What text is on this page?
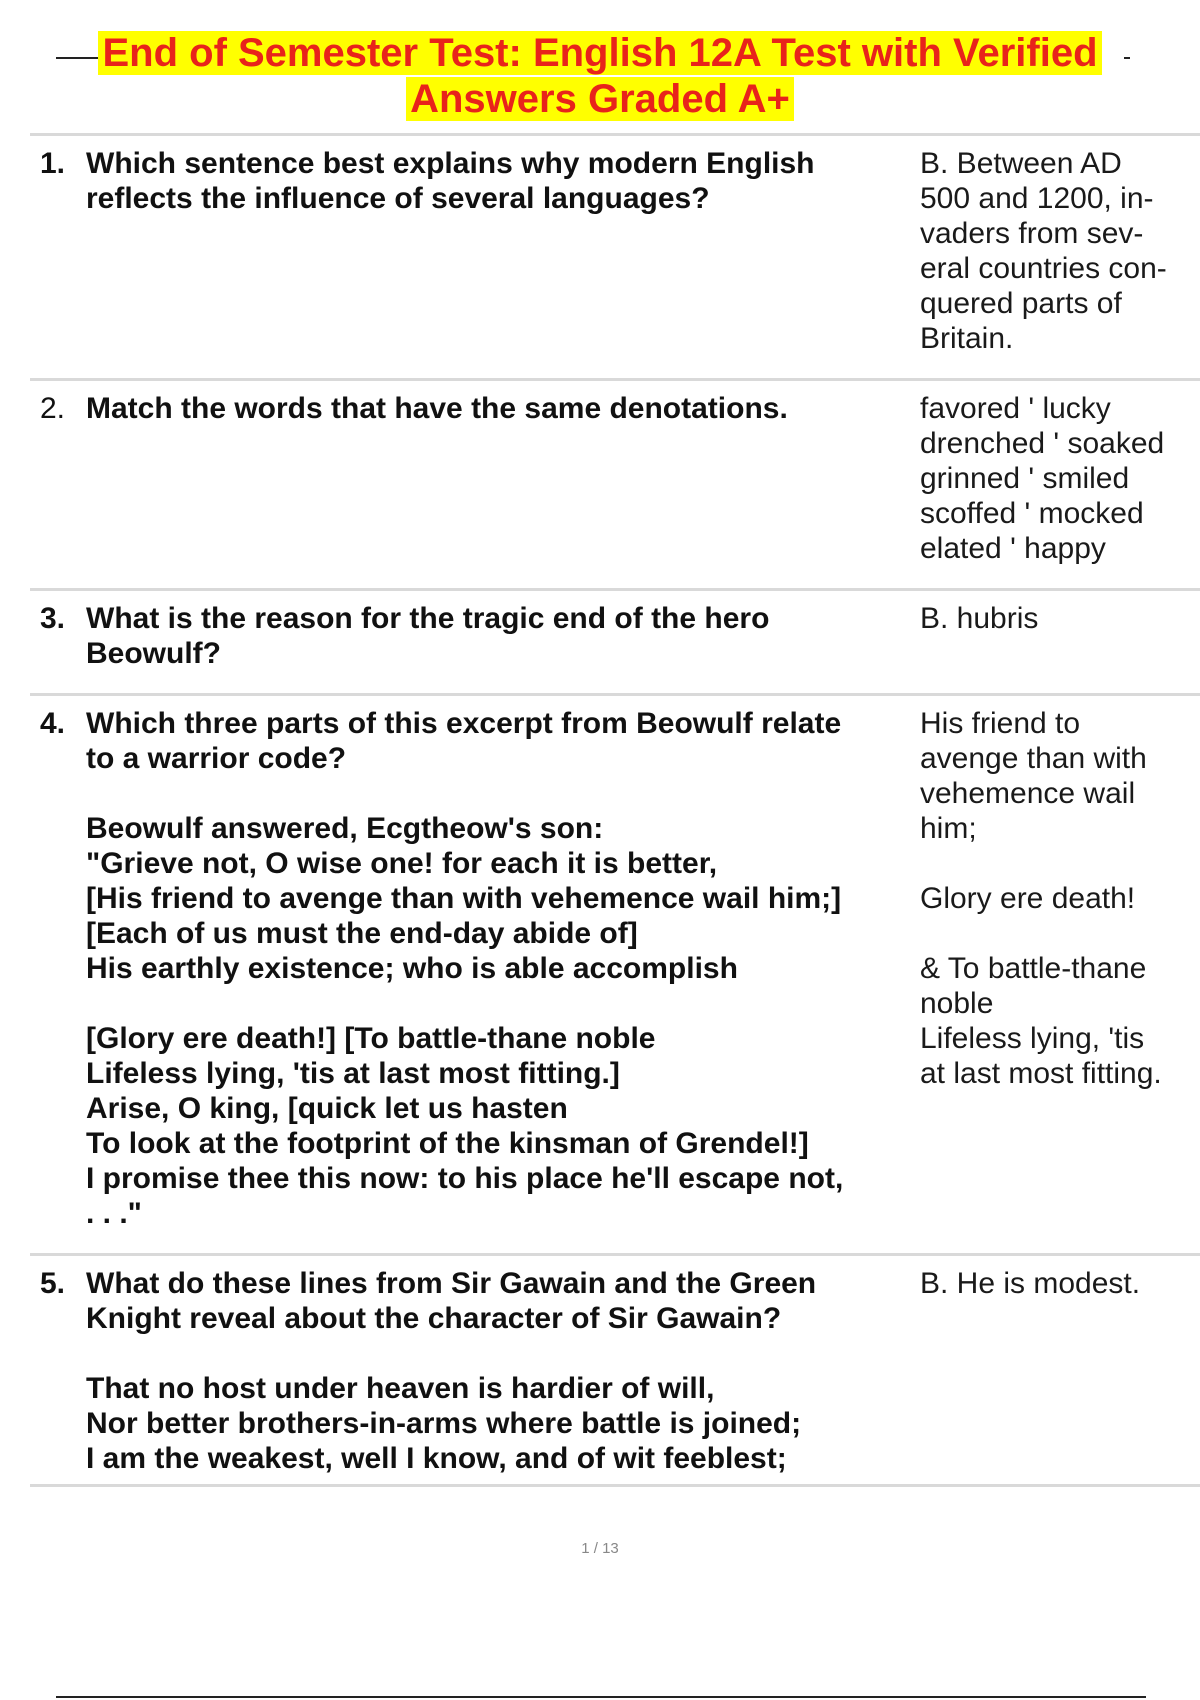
End of Semester Test: English 12A Test with Verified
Answers Graded A+
1. Which sentence best explains why modern English
reflects the influence of several languages?
B. Between AD
500 and 1200, in-
vaders from sev-
eral countries con-
quered parts of
Britain.
2. Match the words that have the same denotations.	favored ' lucky
drenched ' soaked
grinned ' smiled
scoffed ' mocked
elated ' happy
3. What is the reason for the tragic end of the hero
Beowulf?
B. hubris
4. Which three parts of this excerpt from Beowulf relate
to a warrior code?
Beowulf answered, Ecgtheow's son:
"Grieve not, O wise one! for each it is better,
[His friend to avenge than with vehemence wail him;]
[Each of us must the end-day abide of]
His earthly existence; who is able accomplish
[Glory ere death!] [To battle-thane noble
Lifeless lying, 'tis at last most fitting.]
Arise, O king, [quick let us hasten
To look at the footprint of the kinsman of Grendel!]
I promise thee this now: to his place he'll escape not,
. . ."
His friend to
avenge than with
vehemence wail
him;
Glory ere death!
& To battle-thane
noble
Lifeless lying, 'tis
at last most fitting.
5. What do these lines from Sir Gawain and the Green
Knight reveal about the character of Sir Gawain?
That no host under heaven is hardier of will,
Nor better brothers-in-arms where battle is joined;
I am the weakest, well I know, and of wit feeblest;
B. He is modest.
1 / 13
